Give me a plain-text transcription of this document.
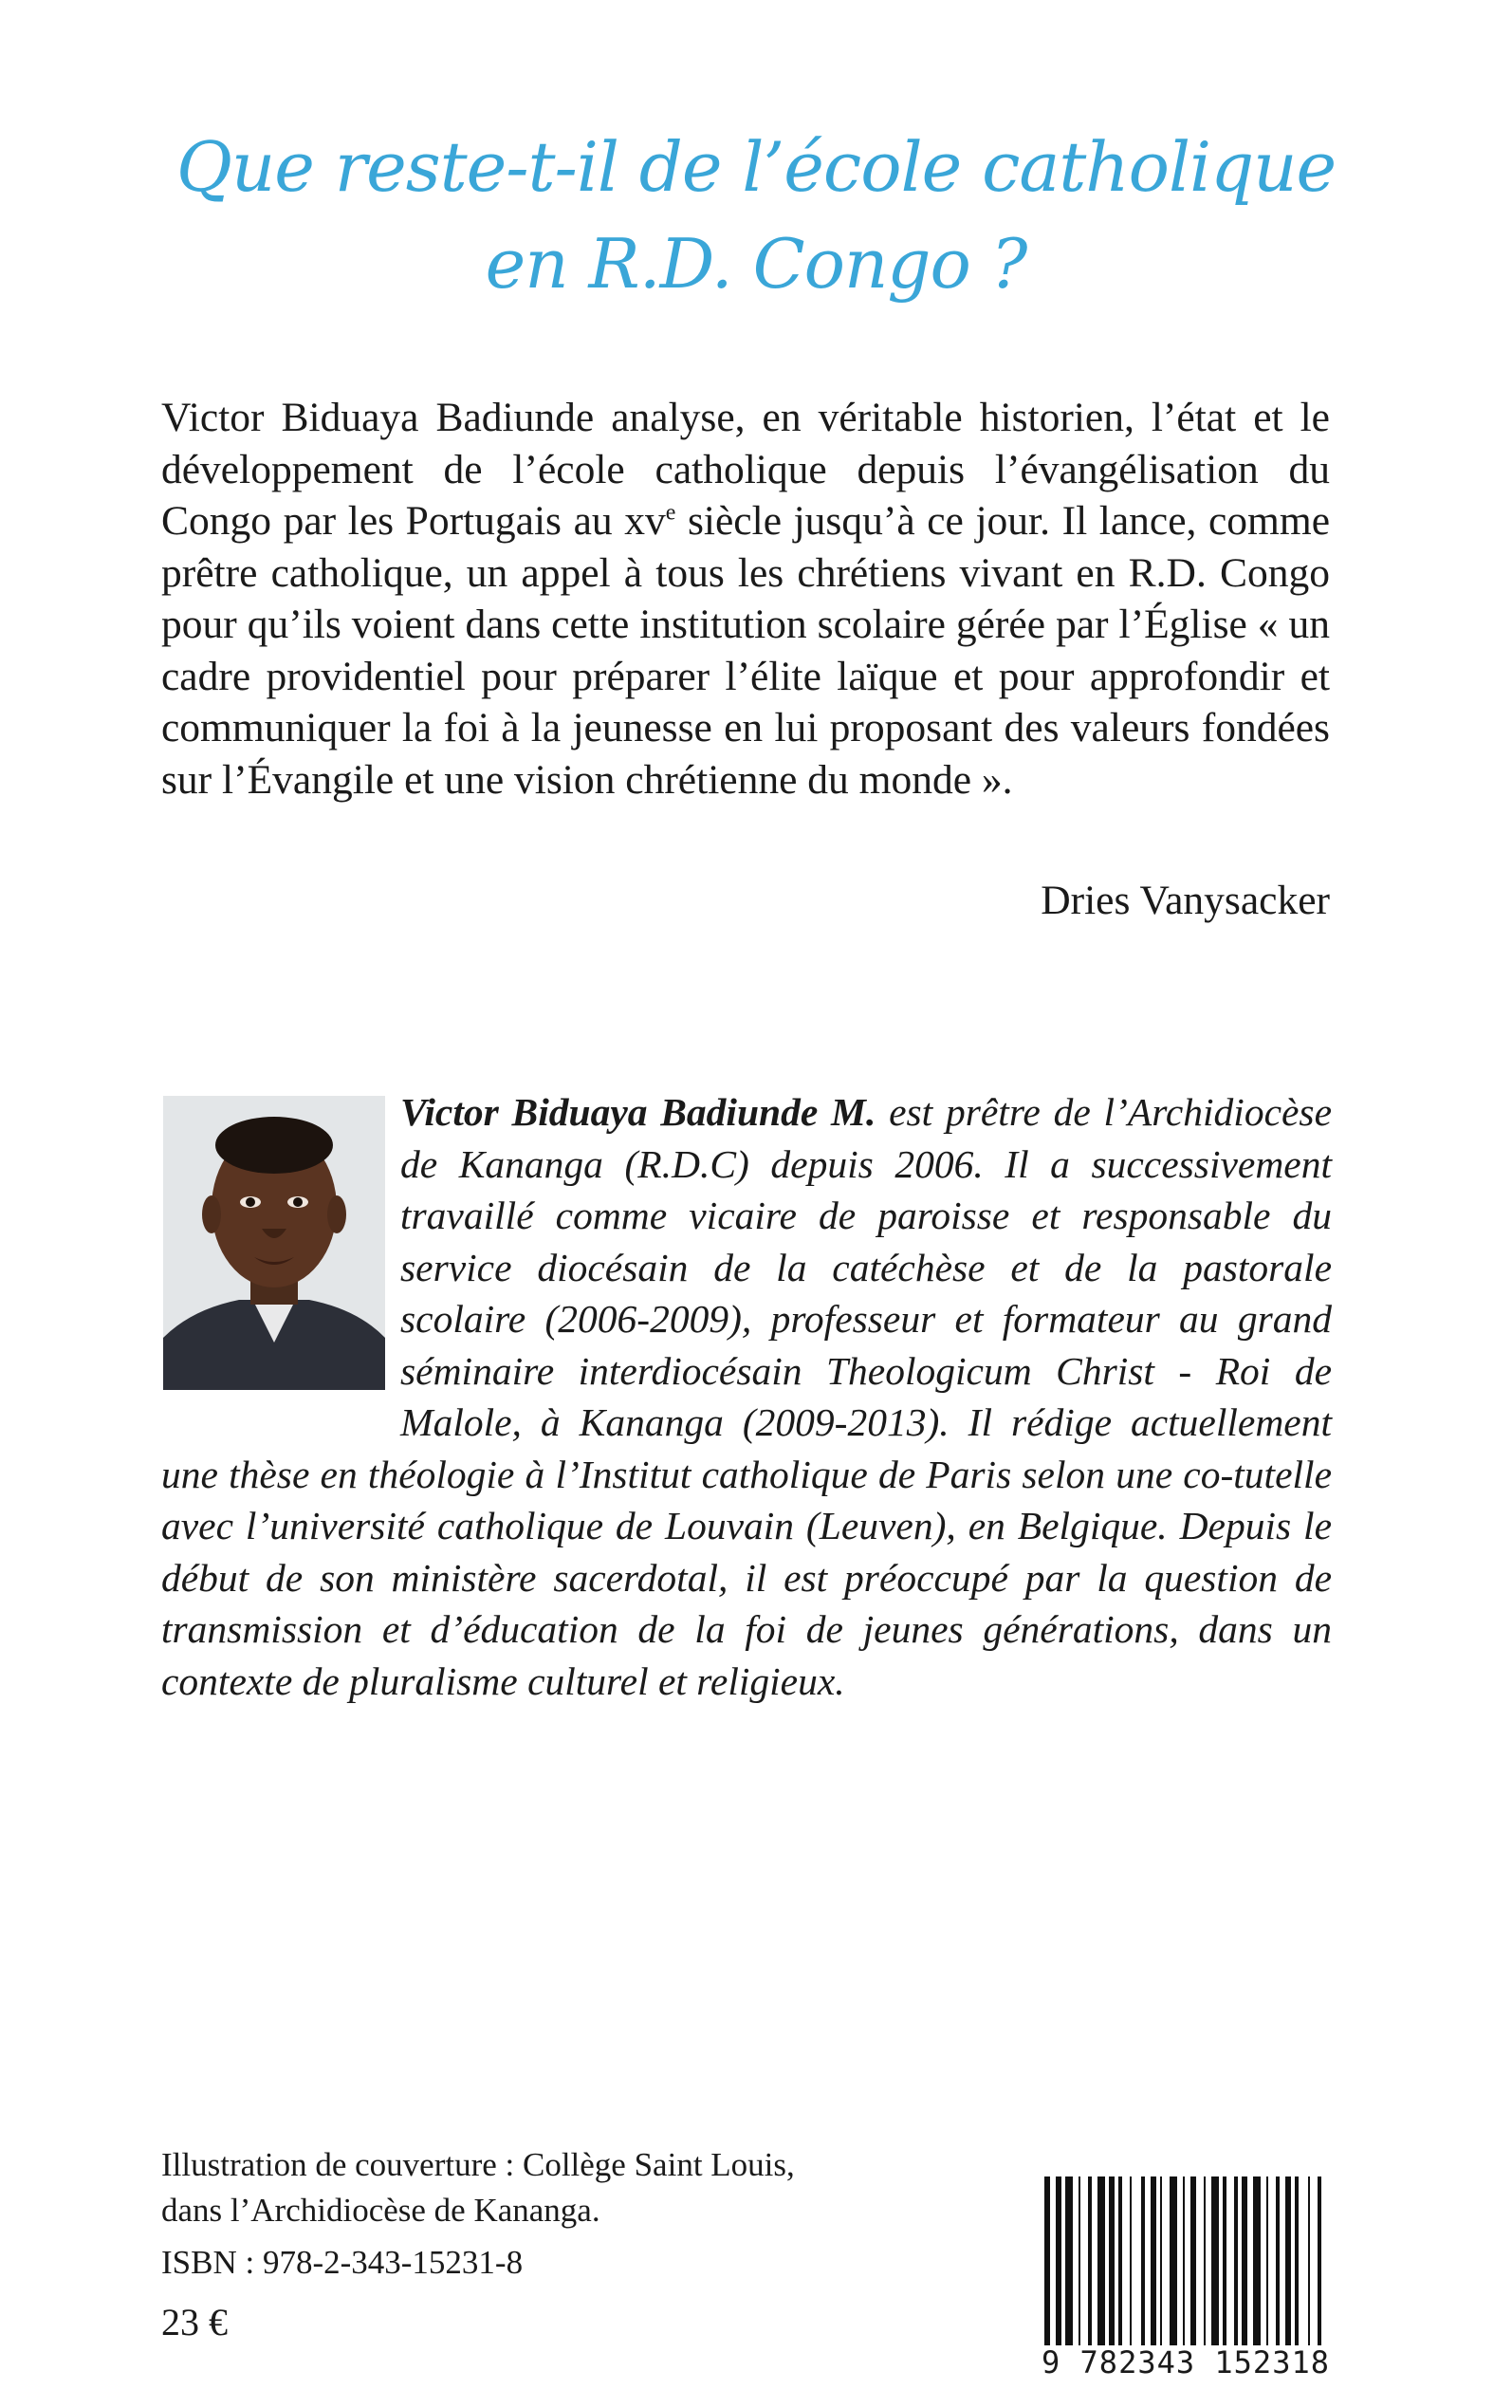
Que reste-t-il de l’école catholique
en R.D. Congo ?

Victor Biduaya Badiunde analyse, en véritable historien, l’état et le développement de l’école catholique depuis l’évangélisation du Congo par les Portugais au $xv^e$ siècle jusqu’à ce jour. Il lance, comme prêtre catholique, un appel à tous les chrétiens vivant en R.D. Congo pour qu’ils voient dans cette institution scolaire gérée par l’Église « un cadre providentiel pour préparer l’élite laïque et pour approfondir et communiquer la foi à la jeunesse en lui proposant des valeurs fondées sur l’Évangile et une vision chrétienne du monde ».

Dries Vanysacker

Victor Biduaya Badiunde M. est prêtre de l’Archidiocèse de Kananga (R.D.C) depuis 2006. Il a successivement travaillé comme vicaire de paroisse et responsable du service diocésain de la catéchèse et de la pastorale scolaire (2006-2009), professeur et formateur au grand séminaire interdiocésain Theologicum Christ - Roi de Malole, à Kananga (2009-2013). Il rédige actuellement une thèse en théologie à l’Institut catholique de Paris selon une co-tutelle avec l’université catholique de Louvain (Leuven), en Belgique. Depuis le début de son ministère sacerdotal, il est préoccupé par la question de transmission et d’éducation de la foi de jeunes générations, dans un contexte de pluralisme culturel et religieux.

Illustration de couverture : Collège Saint Louis,
dans l’Archidiocèse de Kananga.
ISBN : 978-2-343-15231-8
23 €
9 782343 152318
